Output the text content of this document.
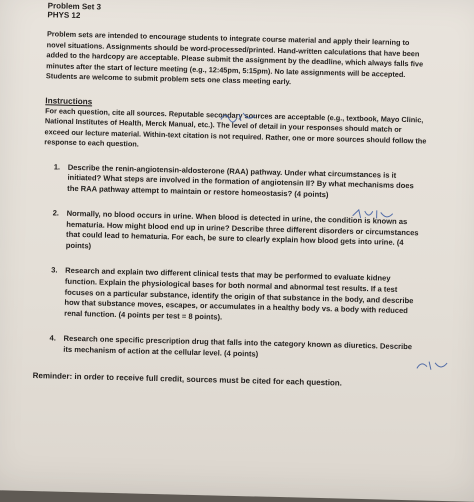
Problem Set 3

PHYS 12

Problem sets are intended to encourage students to integrate course material and apply their learning to novel situations. Assignments should be word-processed/printed. Hand-written calculations that have been added to the hardcopy are acceptable. Please submit the assignment by the deadline, which always falls five minutes after the start of lecture meeting (e.g., 12:45pm, 5:15pm). No late assignments will be accepted. Students are welcome to submit problem sets one class meeting early.

Instructions

For each question, cite all sources. Reputable secondary sources are acceptable (e.g., textbook, Mayo Clinic, National Institutes of Health, Merck Manual, etc.). The level of detail in your responses should match or exceed our lecture material. Within-text citation is not required. Rather, one or more sources should follow the response to each question.

1. Describe the renin-angiotensin-aldosterone (RAA) pathway. Under what circumstances is it initiated? What steps are involved in the formation of angiotensin II? By what mechanisms does the RAA pathway attempt to maintain or restore homeostasis? (4 points)
2. Normally, no blood occurs in urine. When blood is detected in urine, the condition is known as hematuria. How might blood end up in urine? Describe three different disorders or circumstances that could lead to hematuria. For each, be sure to clearly explain how blood gets into urine. (4 points)
3. Research and explain two different clinical tests that may be performed to evaluate kidney function. Explain the physiological bases for both normal and abnormal test results. If a test focuses on a particular substance, identify the origin of that substance in the body, and describe how that substance moves, escapes, or accumulates in a healthy body vs. a body with reduced renal function. (4 points per test = 8 points).
4. Research one specific prescription drug that falls into the category known as diuretics. Describe its mechanism of action at the cellular level. (4 points)

Reminder: in order to receive full credit, sources must be cited for each question.
